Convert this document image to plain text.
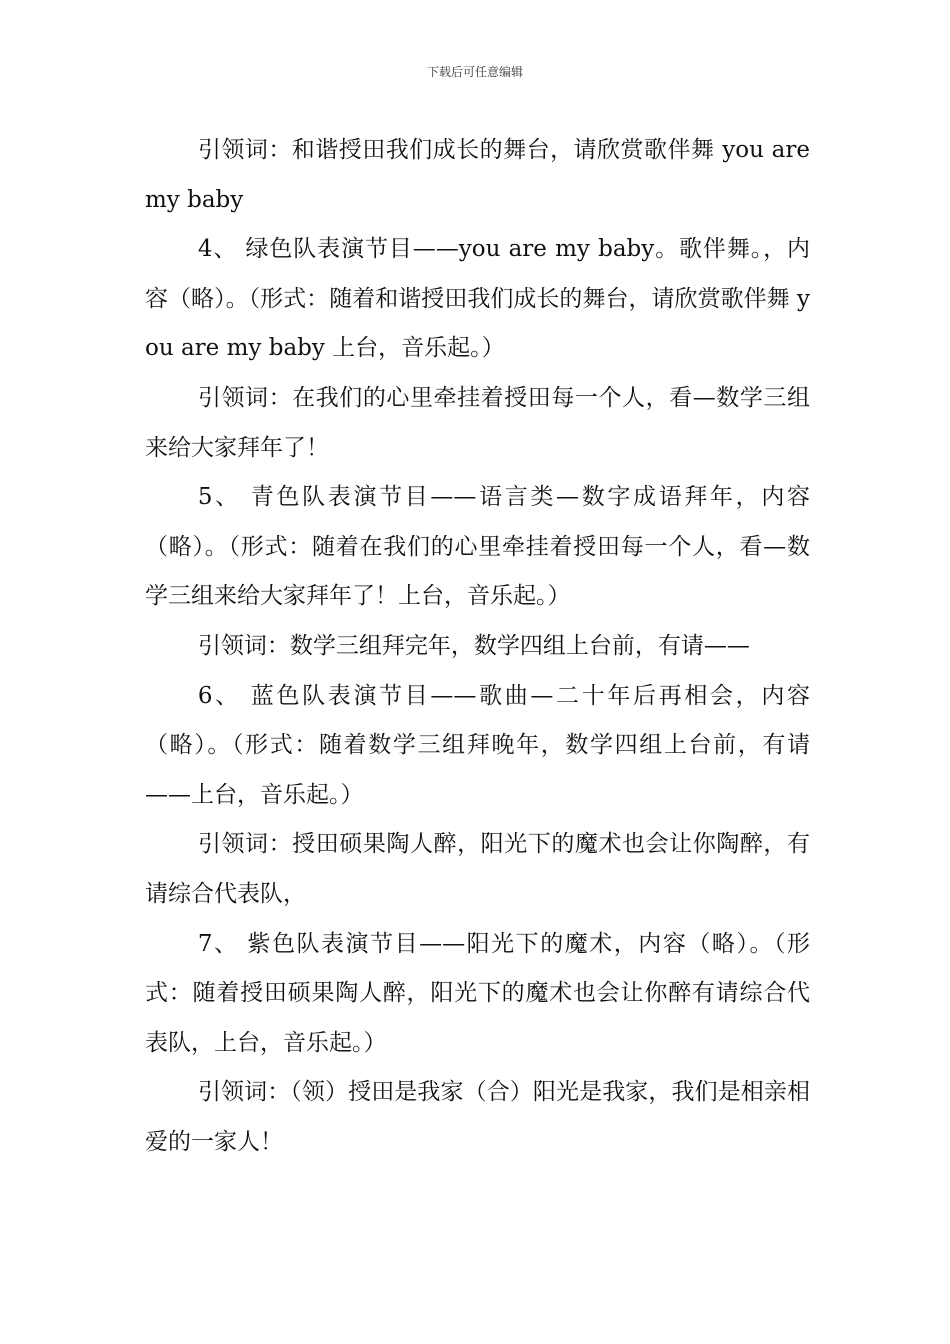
下载后可任意编辑

引领词：和谐授田我们成长的舞台，请欣赏歌伴舞 you are my baby

4、 绿色队表演节目——you are my baby。歌伴舞。，内容（略）。（形式：随着和谐授田我们成长的舞台，请欣赏歌伴舞 you are my baby 上台，音乐起。）

引领词：在我们的心里牵挂着授田每一个人，看—数学三组来给大家拜年了！

5、 青色队表演节目——语言类—数字成语拜年，内容（略）。（形式：随着在我们的心里牵挂着授田每一个人，看—数学三组来给大家拜年了！上台，音乐起。）

引领词：数学三组拜完年，数学四组上台前，有请——

6、 蓝色队表演节目——歌曲—二十年后再相会，内容（略）。（形式：随着数学三组拜晚年，数学四组上台前，有请——上台，音乐起。）

引领词：授田硕果陶人醉，阳光下的魔术也会让你陶醉，有请综合代表队，

7、 紫色队表演节目——阳光下的魔术，内容（略）。（形式：随着授田硕果陶人醉，阳光下的魔术也会让你醉有请综合代表队，上台，音乐起。）

引领词：（领）授田是我家（合）阳光是我家，我们是相亲相爱的一家人！
